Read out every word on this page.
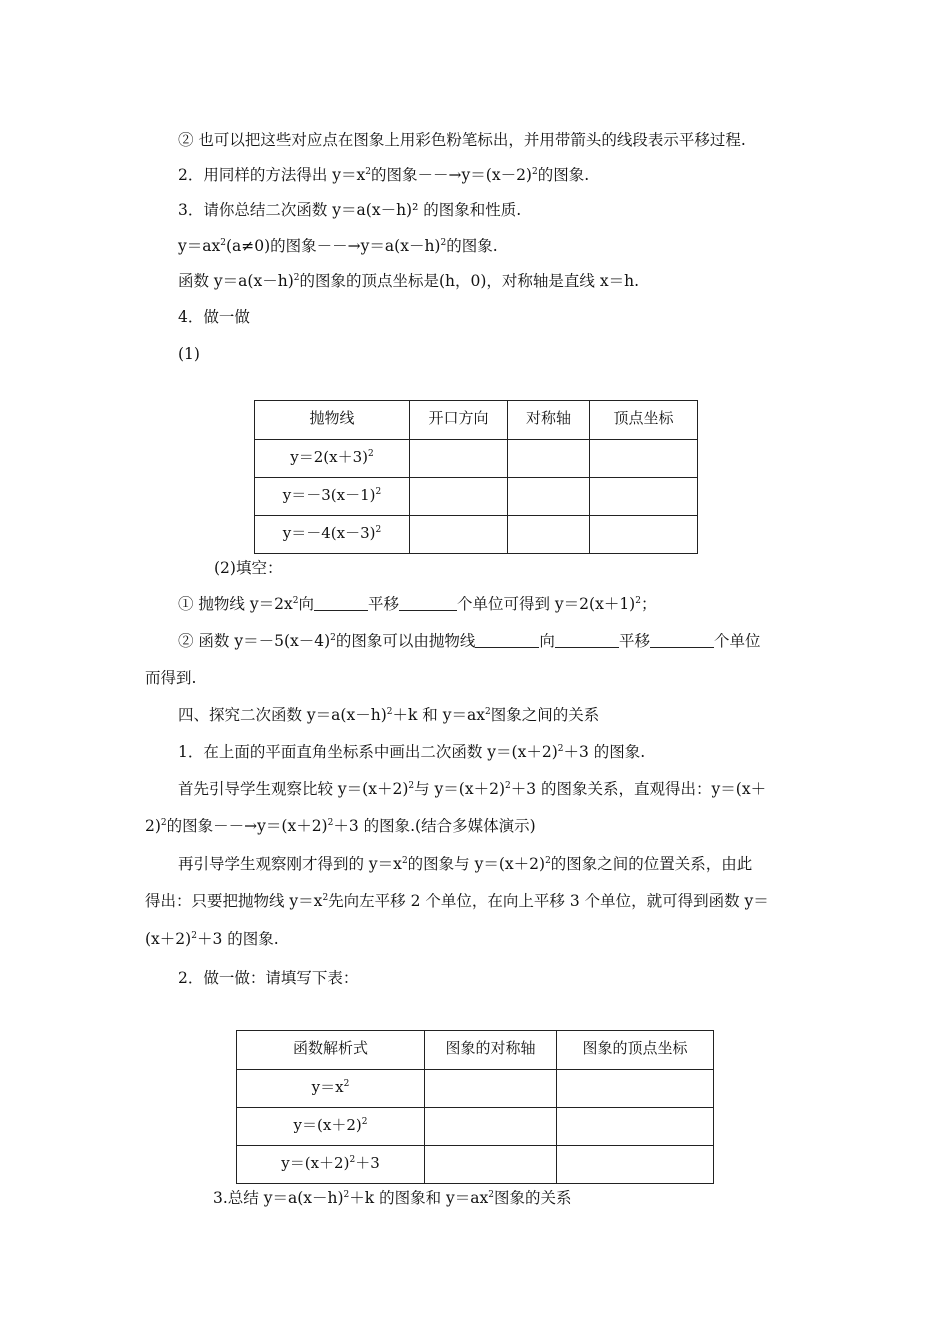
② 也可以把这些对应点在图象上用彩色粉笔标出，并用带箭头的线段表示平移过程.
2．用同样的方法得出 $y=x^2$的图象$--\to y=(x-2)^2$的图象.
3．请你总结二次函数 y＝a(x－h)² 的图象和性质.
$y=ax^2(a\ne 0)$的图象$--\to y=a(x-h)^2$的图象.
函数 $y=a(x-h)^2$的图象的顶点坐标是(h，0)，对称轴是直线 x＝h.
4．做一做
(1)
抛物线	开口方向	对称轴	顶点坐标
$y=2(x+3)^2$			
$y=-3(x-1)^2$			
$y=-4(x-3)^2$			
(2)填空：
① 抛物线 $y=2x^2$向	平移	个单位可得到 $y=2(x+1)^2$；
② 函数 $y=-5(x-4)^2$的图象可以由抛物线	向	平移	个单位
而得到.
四、探究二次函数 $y=a(x-h)^2+k$ 和 $y=ax^2$图象之间的关系
1．在上面的平面直角坐标系中画出二次函数 $y=(x+2)^2+3$ 的图象.
首先引导学生观察比较 $y=(x+2)^2$与 $y=(x+2)^2+3$ 的图象关系，直观得出：y＝(x＋
2)$^2$的图象$--\to y=(x+2)^2+3$ 的图象.(结合多媒体演示)
再引导学生观察刚才得到的 $y=x^2$的图象与 $y=(x+2)^2$的图象之间的位置关系，由此
得出：只要把抛物线 $y=x^2$先向左平移 2 个单位，在向上平移 3 个单位，就可得到函数 y＝
$(x+2)^2+3$ 的图象.
2．做一做：请填写下表：
函数解析式	图象的对称轴	图象的顶点坐标
$y=x^2$		
$y=(x+2)^2$		
$y=(x+2)^2+3$		
3.总结 $y=a(x-h)^2+k$ 的图象和 $y=ax^2$图象的关系
